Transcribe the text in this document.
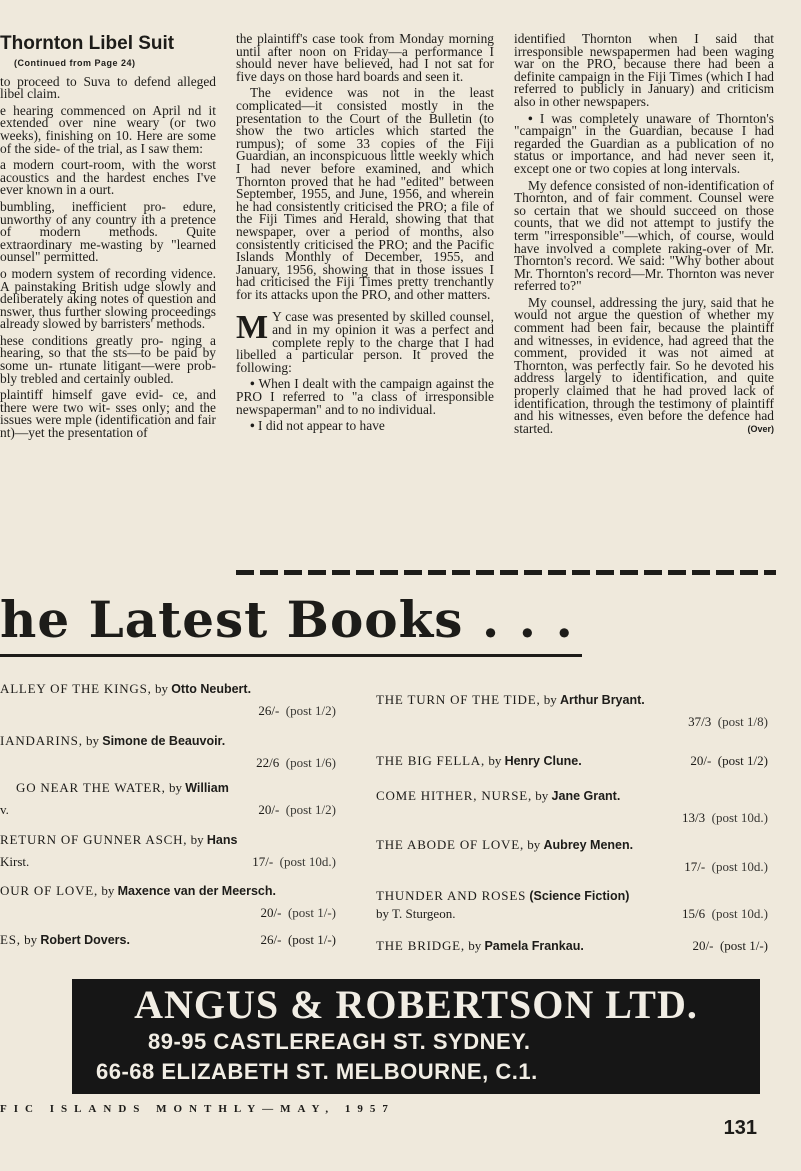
Thornton Libel Suit
(Continued from Page 24)

to proceed to Suva to defend alleged libel claim.

e hearing commenced on April nd it extended over nine weary (or two weeks), finishing on 10. Here are some of the side- of the trial, as I saw them:

a modern court-room, with the worst acoustics and the hardest enches I've ever known in a ourt.

bumbling, inefficient pro- edure, unworthy of any country ith a pretence of modern methods. Quite extraordinary me-wasting by "learned ounsel" permitted.

o modern system of recording vidence. A painstaking British udge slowly and deliberately aking notes of question and nswer, thus further slowing proceedings already slowed by barristers' methods.

hese conditions greatly pro- nging a hearing, so that the sts—to be paid by some un- rtunate litigant—were prob- bly trebled and certainly oubled.

plaintiff himself gave evid- ce, and there were two wit- sses only; and the issues were mple (identification and fair nt)—yet the presentation of

the plaintiff's case took from Monday morning until after noon on Friday—a performance I should never have believed, had I not sat for five days on those hard boards and seen it.

The evidence was not in the least complicated—it consisted mostly in the presentation to the Court of the Bulletin (to show the two articles which started the rumpus); of some 33 copies of the Fiji Guardian, an inconspicuous little weekly which I had never before examined, and which Thornton proved that he had "edited" between September, 1955, and June, 1956, and wherein he had consistently criticised the PRO; a file of the Fiji Times and Herald, showing that that newspaper, over a period of months, also consistently criticised the PRO; and the Pacific Islands Monthly of December, 1955, and January, 1956, showing that in those issues I had criticised the Fiji Times pretty trenchantly for its attacks upon the PRO, and other matters.

M Y case was presented by skilled counsel, and in my opinion it was a perfect and complete reply to the charge that I had libelled a particular person. It proved the following:

• When I dealt with the campaign against the PRO I referred to "a class of irresponsible newspaperman" and to no individual.

• I did not appear to have

identified Thornton when I said that irresponsible newspapermen had been waging war on the PRO, because there had been a definite campaign in the Fiji Times (which I had referred to publicly in January) and criticism also in other newspapers.

• I was completely unaware of Thornton's "campaign" in the Guardian, because I had regarded the Guardian as a publication of no status or importance, and had never seen it, except one or two copies at long intervals.

My defence consisted of non-identification of Thornton, and of fair comment. Counsel were so certain that we should succeed on those counts, that we did not attempt to justify the term "irresponsible"—which, of course, would have involved a complete raking-over of Mr. Thornton's record. We said: "Why bother about Mr. Thornton's record—Mr. Thornton was never referred to?"

My counsel, addressing the jury, said that he would not argue the question of whether my comment had been fair, because the plaintiff and witnesses, in evidence, had agreed that the comment, provided it was not aimed at Thornton, was perfectly fair. So he devoted his address largely to identification, and quite properly claimed that he had proved lack of identification, through the testimony of plaintiff and his witnesses, even before the defence had started.	(Over)

he Latest Books . . .
ALLEY OF THE KINGS, by Otto Neubert.
26/- (post 1/2)
IANDARINS, by Simone de Beauvoir.
22/6 (post 1/6)
GO NEAR THE WATER, by William
v.	20/- (post 1/2)
RETURN OF GUNNER ASCH, by Hans
Kirst.	17/- (post 10d.)
OUR OF LOVE, by Maxence van der Meersch.
20/- (post 1/-)
ES, by Robert Dovers.	26/- (post 1/-)
THE TURN OF THE TIDE, by Arthur Bryant.
37/3 (post 1/8)
THE BIG FELLA, by Henry Clune.	20/- (post 1/2)
COME HITHER, NURSE, by Jane Grant.
13/3 (post 10d.)
THE ABODE OF LOVE, by Aubrey Menen.
17/- (post 10d.)
THUNDER AND ROSES (Science Fiction)
by T. Sturgeon.	15/6 (post 10d.)
THE BRIDGE, by Pamela Frankau.	20/- (post 1/-)
ANGUS & ROBERTSON LTD.
89-95 CASTLEREAGH ST. SYDNEY.
66-68 ELIZABETH ST. MELBOURNE, C.1.
FIC ISLANDS MONTHLY—MAY, 1957
131
